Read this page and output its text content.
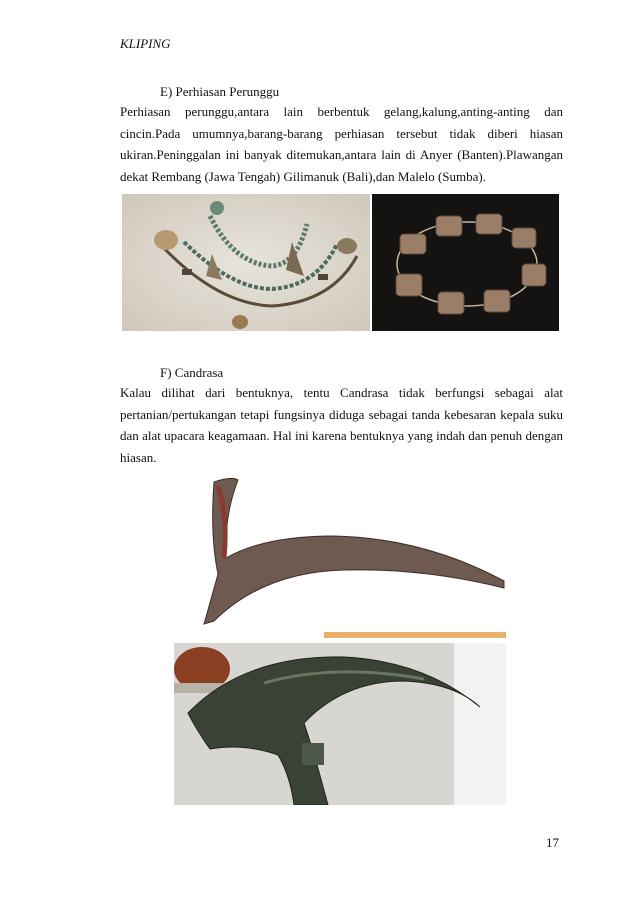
KLIPING
E) Perhiasan Perunggu

Perhiasan perunggu,antara lain berbentuk gelang,kalung,anting-anting dan cincin.Pada umumnya,barang-barang perhiasan tersebut tidak diberi hiasan ukiran.Peninggalan ini banyak ditemukan,antara lain di Anyer (Banten).Plawangan dekat Rembang (Jawa Tengah) Gilimanuk (Bali),dan Malelo (Sumba).

F) Candrasa

Kalau dilihat dari bentuknya, tentu Candrasa tidak berfungsi sebagai alat pertanian/pertukangan tetapi fungsinya diduga sebagai tanda kebesaran kepala suku dan alat upacara keagamaan. Hal ini karena bentuknya yang indah dan penuh dengan hiasan.

17
